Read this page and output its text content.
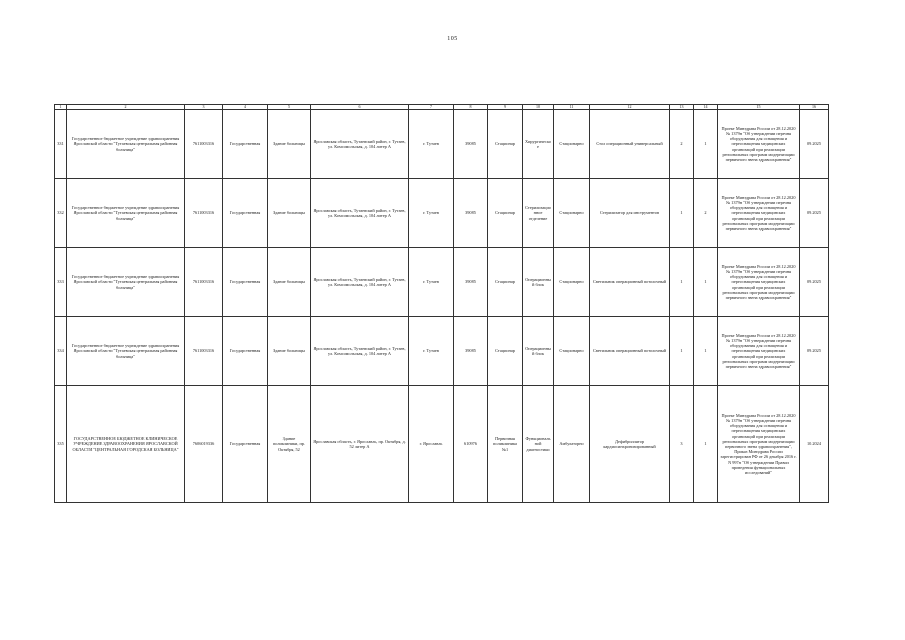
105
1	2	3	4	5	6	7	8	9	10	11	12	13	14	15	16
331	Государственное бюджетное учреждение здравоохранения Ярославской области "Тутаевская центральная районная больница"	7611003316	Государственная	Здание больницы	Ярославская область, Тутаевский район, г. Тутаев, ул. Комсомольская, д. 104 литер А	г. Тутаев	39085	Стационар	Хирургическое	Стационарно	Стол операционный универсальный	2	1	Проект Минздрава России от 28.12.2020 № 1379н "Об утверждении перечня оборудования для оснащения и переоснащения медицинских организаций при реализации региональных программ модернизации первичного звена здравоохранения"	09.2025
332	Государственное бюджетное учреждение здравоохранения Ярославской области "Тутаевская центральная районная больница"	7611003316	Государственная	Здание больницы	Ярославская область, Тутаевский район, г. Тутаев, ул. Комсомольская, д. 104 литер А	г. Тутаев	39085	Стационар	Стерилизационное отделение	Стационарно	Стерилизатор для инструментов	1	2	Проект Минздрава России от 28.12.2020 № 1379н "Об утверждении перечня оборудования для оснащения и переоснащения медицинских организаций при реализации региональных программ модернизации первичного звена здравоохранения"	09.2025
333	Государственное бюджетное учреждение здравоохранения Ярославской области "Тутаевская центральная районная больница"	7611003316	Государственная	Здание больницы	Ярославская область, Тутаевский район, г. Тутаев, ул. Комсомольская, д. 104 литер А	г. Тутаев	39085	Стационар	Операционный блок	Стационарно	Светильник операционный потолочный	1	1	Проект Минздрава России от 28.12.2020 № 1379н "Об утверждении перечня оборудования для оснащения и переоснащения медицинских организаций при реализации региональных программ модернизации первичного звена здравоохранения"	09.2025
334	Государственное бюджетное учреждение здравоохранения Ярославской области "Тутаевская центральная районная больница"	7611003316	Государственная	Здание больницы	Ярославская область, Тутаевский район, г. Тутаев, ул. Комсомольская, д. 104 литер А	г. Тутаев	39085	Стационар	Операционный блок	Стационарно	Светильник операционный потолочный	1	1	Проект Минздрава России от 28.12.2020 № 1379н "Об утверждении перечня оборудования для оснащения и переоснащения медицинских организаций при реализации региональных программ модернизации первичного звена здравоохранения"	09.2025
335	ГОСУДАРСТВЕННОЕ БЮДЖЕТНОЕ КЛИНИЧЕСКОЕ УЧРЕЖДЕНИЕ ЗДРАВООХРАНЕНИЯ ЯРОСЛАВСКОЙ ОБЛАСТИ "ЦЕНТРАЛЬНАЯ ГОРОДСКАЯ БОЛЬНИЦА"	7606019336	Государственная	Здание поликлиники, пр. Октября, 52	Ярославская область, г. Ярославль, пр. Октября, д. 52 литер А	г. Ярославль	610976	Первичная поликлиника №1	Функциональной диагностики	Амбулаторно	Дефибриллятор кардиосинхронизированный	3	1	Проект Минздрава России от 28.12.2020 № 1379н "Об утверждении перечня оборудования для оснащения и переоснащения медицинских организаций при реализации региональных программ модернизации первичного звена здравоохранения", Приказ Минздрава России зарегистрирован РФ от 26 декабря 2016 г. N 997н "Об утверждении Правил проведения функциональных исследований"	10.2024
